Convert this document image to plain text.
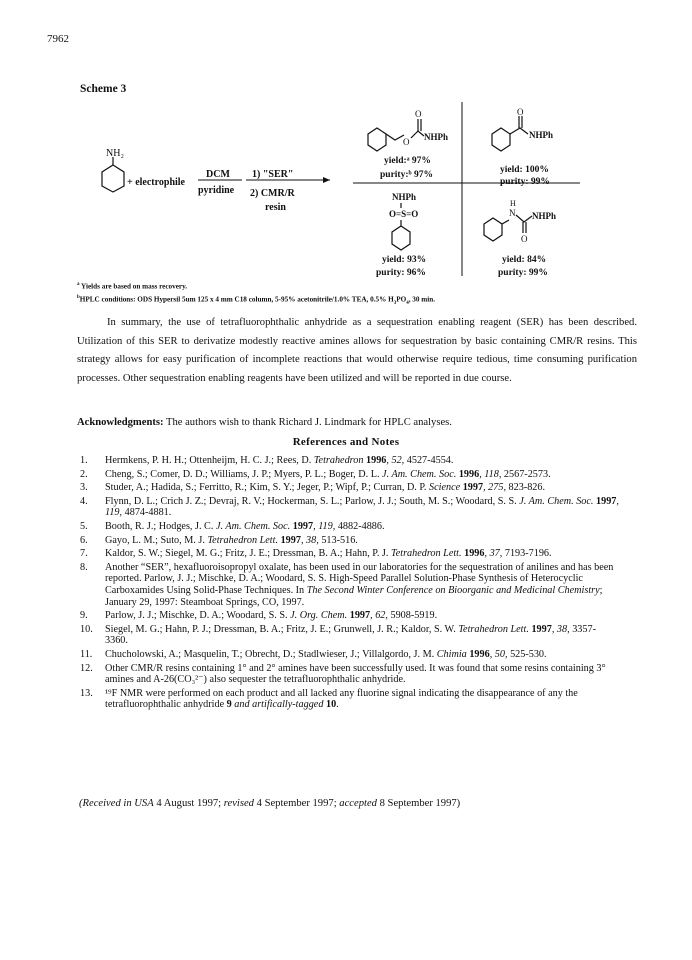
7962
Scheme 3
NH₂
+ electrophile
DCM
pyridine
1) "SER"
2) CMR/R
resin
O
O
NHPh
yield:ᵃ 97%
purity:ᵇ 97%
O
NHPh
yield: 100%
purity: 99%
NHPh
O=S=O
yield: 93%
purity: 96%
H
N
O
NHPh
yield: 84%
purity: 99%
$^a$ Yields are based on mass recovery.
$^b$HPLC conditions: ODS Hypersil 5um 125 x 4 mm C18 column, 5-95% acetonitrile/1.0% TEA, 0.5% $H_3PO_4$, 30 min.
In summary, the use of tetrafluorophthalic anhydride as a sequestration enabling reagent (SER) has been described. Utilization of this SER to derivatize modestly reactive amines allows for sequestration by basic containing CMR/R resins. This strategy allows for easy purification of incomplete reactions that would otherwise require tedious, time consuming purification processes. Other sequestration enabling reagents have been utilized and will be reported in due course.
Acknowledgments: The authors wish to thank Richard J. Lindmark for HPLC analyses.
References and Notes
1.	Hermkens, P. H. H.; Ottenheijm, H. C. J.; Rees, D. Tetrahedron 1996, 52, 4527-4554.
2.	Cheng, S.; Comer, D. D.; Williams, J. P.; Myers, P. L.; Boger, D. L. J. Am. Chem. Soc. 1996, 118, 2567-2573.
3.	Studer, A.; Hadida, S.; Ferritto, R.; Kim, S. Y.; Jeger, P.; Wipf, P.; Curran, D. P. Science 1997, 275, 823-826.
4.	Flynn, D. L.; Crich J. Z.; Devraj, R. V.; Hockerman, S. L.; Parlow, J. J.; South, M. S.; Woodard, S. S. J. Am. Chem. Soc. 1997, 119, 4874-4881.
5.	Booth, R. J.; Hodges, J. C. J. Am. Chem. Soc. 1997, 119, 4882-4886.
6.	Gayo, L. M.; Suto, M. J. Tetrahedron Lett. 1997, 38, 513-516.
7.	Kaldor, S. W.; Siegel, M. G.; Fritz, J. E.; Dressman, B. A.; Hahn, P. J. Tetrahedron Lett. 1996, 37, 7193-7196.
8.	Another “SER”, hexafluoroisopropyl oxalate, has been used in our laboratories for the sequestration of anilines and has been reported. Parlow, J. J.; Mischke, D. A.; Woodard, S. S. High-Speed Parallel Solution-Phase Synthesis of Heterocyclic Carboxamides Using Solid-Phase Techniques. In The Second Winter Conference on Bioorganic and Medicinal Chemistry; January 29, 1997: Steamboat Springs, CO, 1997.
9.	Parlow, J. J.; Mischke, D. A.; Woodard, S. S. J. Org. Chem. 1997, 62, 5908-5919.
10.	Siegel, M. G.; Hahn, P. J.; Dressman, B. A.; Fritz, J. E.; Grunwell, J. R.; Kaldor, S. W. Tetrahedron Lett. 1997, 38, 3357- 3360.
11.	Chucholowski, A.; Masquelin, T.; Obrecht, D.; Stadlwieser, J.; Villalgordo, J. M. Chimia 1996, 50, 525-530.
12.	Other CMR/R resins containing 1° and 2° amines have been successfully used. It was found that some resins containing 3° amines and A-26(CO₃²⁻) also sequester the tetrafluorophthalic anhydride.
13.	¹⁹F NMR were performed on each product and all lacked any fluorine signal indicating the disappearance of any the tetrafluorophthalic anhydride 9 and artifically-tagged 10.
(Received in USA 4 August 1997; revised 4 September 1997; accepted 8 September 1997)
